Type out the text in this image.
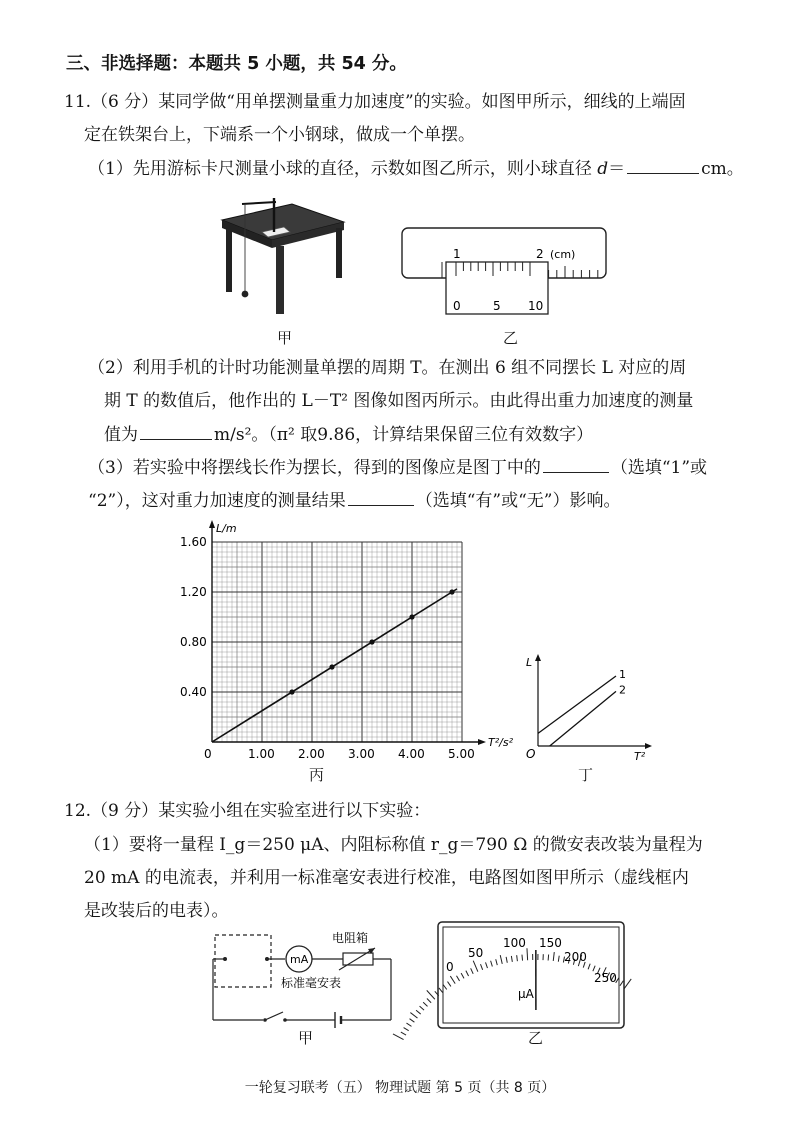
三、非选择题：本题共 5 小题，共 54 分。
11.（6 分）某同学做“用单摆测量重力加速度”的实验。如图甲所示，细线的上端固
定在铁架台上，下端系一个小钢球，做成一个单摆。
（1）先用游标卡尺测量小球的直径，示数如图乙所示，则小球直径 d＝	cm。
甲
1	2 (cm)
0	5 10
乙
（2）利用手机的计时功能测量单摆的周期 T。在测出 6 组不同摆长 L 对应的周
期 T 的数值后，他作出的 L－T² 图像如图丙所示。由此得出重力加速度的测量
值为	m/s²。（π² 取9.86，计算结果保留三位有效数字）
（3）若实验中将摆线长作为摆长，得到的图像应是图丁中的	（选填“1”或
“2”），这对重力加速度的测量结果	（选填“有”或“无”）影响。
L/m
T²/s²
0	1.00 2.00 3.00 4.00 5.00
0.40
0.80
1.20
1.60
丙
L
T²
O
1
2
丁
12.（9 分）某实验小组在实验室进行以下实验：
（1）要将一量程 I_g＝250 μA、内阻标称值 r_g＝790 Ω 的微安表改装为量程为
20 mA 的电流表，并利用一标准毫安表进行校准，电路图如图甲所示（虚线框内
是改装后的电表）。
mA
电阻箱
标准毫安表
甲
0
50
100 150
200
250
μA
乙
一轮复习联考（五） 物理试题 第 5 页（共 8 页）
